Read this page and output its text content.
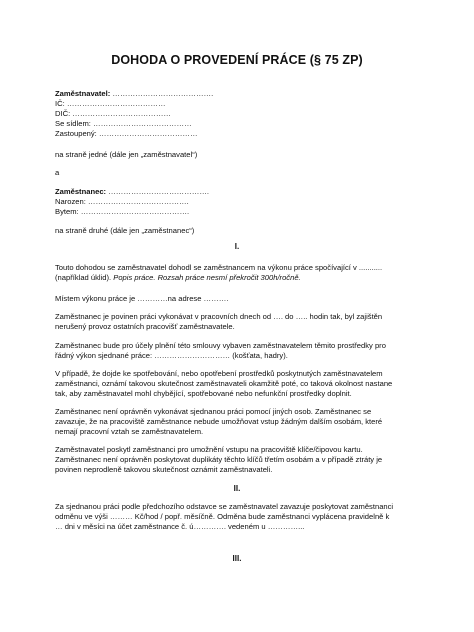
DOHODA O PROVEDENÍ PRÁCE (§ 75 ZP)
Zaměstnavatel: ………………………………….
IČ: …………………………………
DIČ: …………………………………
Se sídlem: …………………………………
Zastoupený: …………………………………
na straně jedné (dále jen „zaměstnavatel“)
a
Zaměstnanec: ………………………………….
Narozen: ………………………………….
Bytem: …………………………………….
na straně druhé (dále jen „zaměstnanec“)
I.
Touto dohodou se zaměstnavatel dohodl se zaměstnancem na výkonu práce spočívající v ...........
(například úklid). Popis práce. Rozsah práce nesmí překročit 300h/ročně.
Místem výkonu práce je …………na adrese ……….
Zaměstnanec je povinen práci vykonávat v pracovních dnech od …. do ….. hodin tak, byl zajištěn
nerušený provoz ostatních pracovišť zaměstnavatele.
Zaměstnanec bude pro účely plnění této smlouvy vybaven zaměstnavatelem těmito prostředky pro
řádný výkon sjednané práce: ………………………… (košťata, hadry).
V případě, že dojde ke spotřebování, nebo opotřebení prostředků poskytnutých zaměstnavatelem
zaměstnanci, oznámí takovou skutečnost zaměstnavateli okamžitě poté, co taková okolnost nastane
tak, aby zaměstnavatel mohl chybějící, spotřebované nebo nefunkční prostředky doplnit.
Zaměstnanec není oprávněn vykonávat sjednanou práci pomocí jiných osob. Zaměstnanec se
zavazuje, že na pracoviště zaměstnance nebude umožňovat vstup žádným dalším osobám, které
nemají pracovní vztah se zaměstnavatelem.
Zaměstnavatel poskytl zaměstnanci pro umožnění vstupu na pracoviště klíče/čipovou kartu.
Zaměstnanec není oprávněn poskytovat duplikáty těchto klíčů třetím osobám a v případě ztráty je
povinen neprodleně takovou skutečnost oznámit zaměstnavateli.
II.
Za sjednanou práci podle předchozího odstavce se zaměstnavatel zavazuje poskytovat zaměstnanci
odměnu ve výši ……… Kč/hod / popř. měsíčně. Odměna bude zaměstnanci vyplácena pravidelně k
… dni v měsíci na účet zaměstnance č. ú…………. vedeném u …………...
III.
